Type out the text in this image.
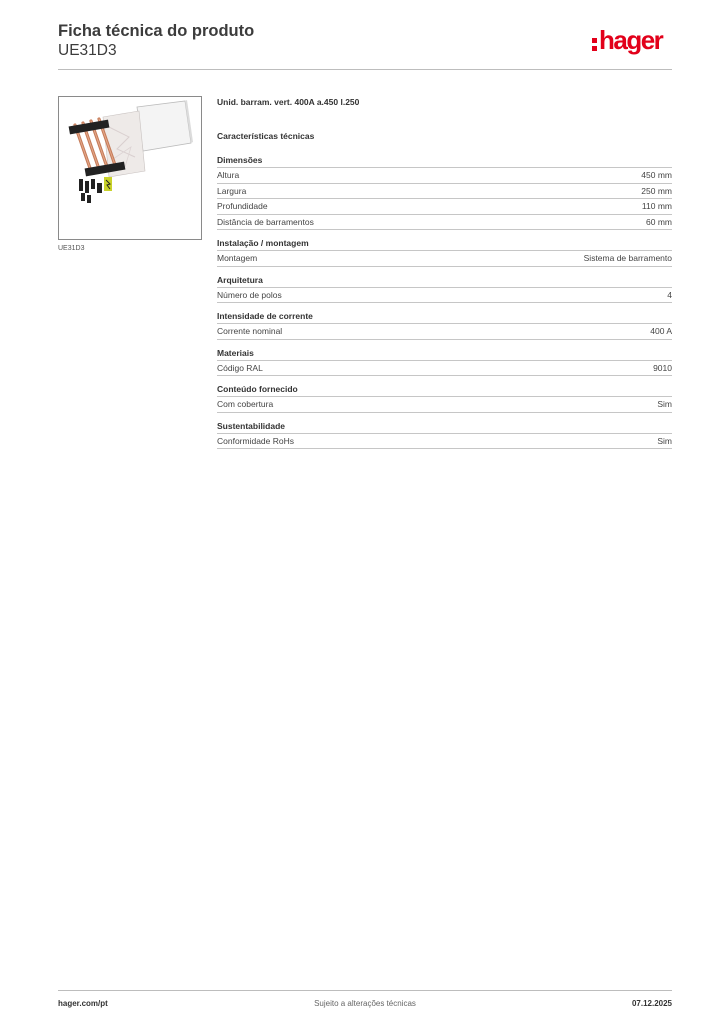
Ficha técnica do produto
UE31D3	hager
UE31D3
Unid. barram. vert. 400A a.450 l.250
Características técnicas
Dimensões
Altura	450 mm
Largura	250 mm
Profundidade	110 mm
Distância de barramentos	60 mm
Instalação / montagem
Montagem	Sistema de barramento
Arquitetura
Número de polos	4
Intensidade de corrente
Corrente nominal	400 A
Materiais
Código RAL	9010
Conteúdo fornecido
Com cobertura	Sim
Sustentabilidade
Conformidade RoHs	Sim
hager.com/pt	Sujeito a alterações técnicas	07.12.2025
